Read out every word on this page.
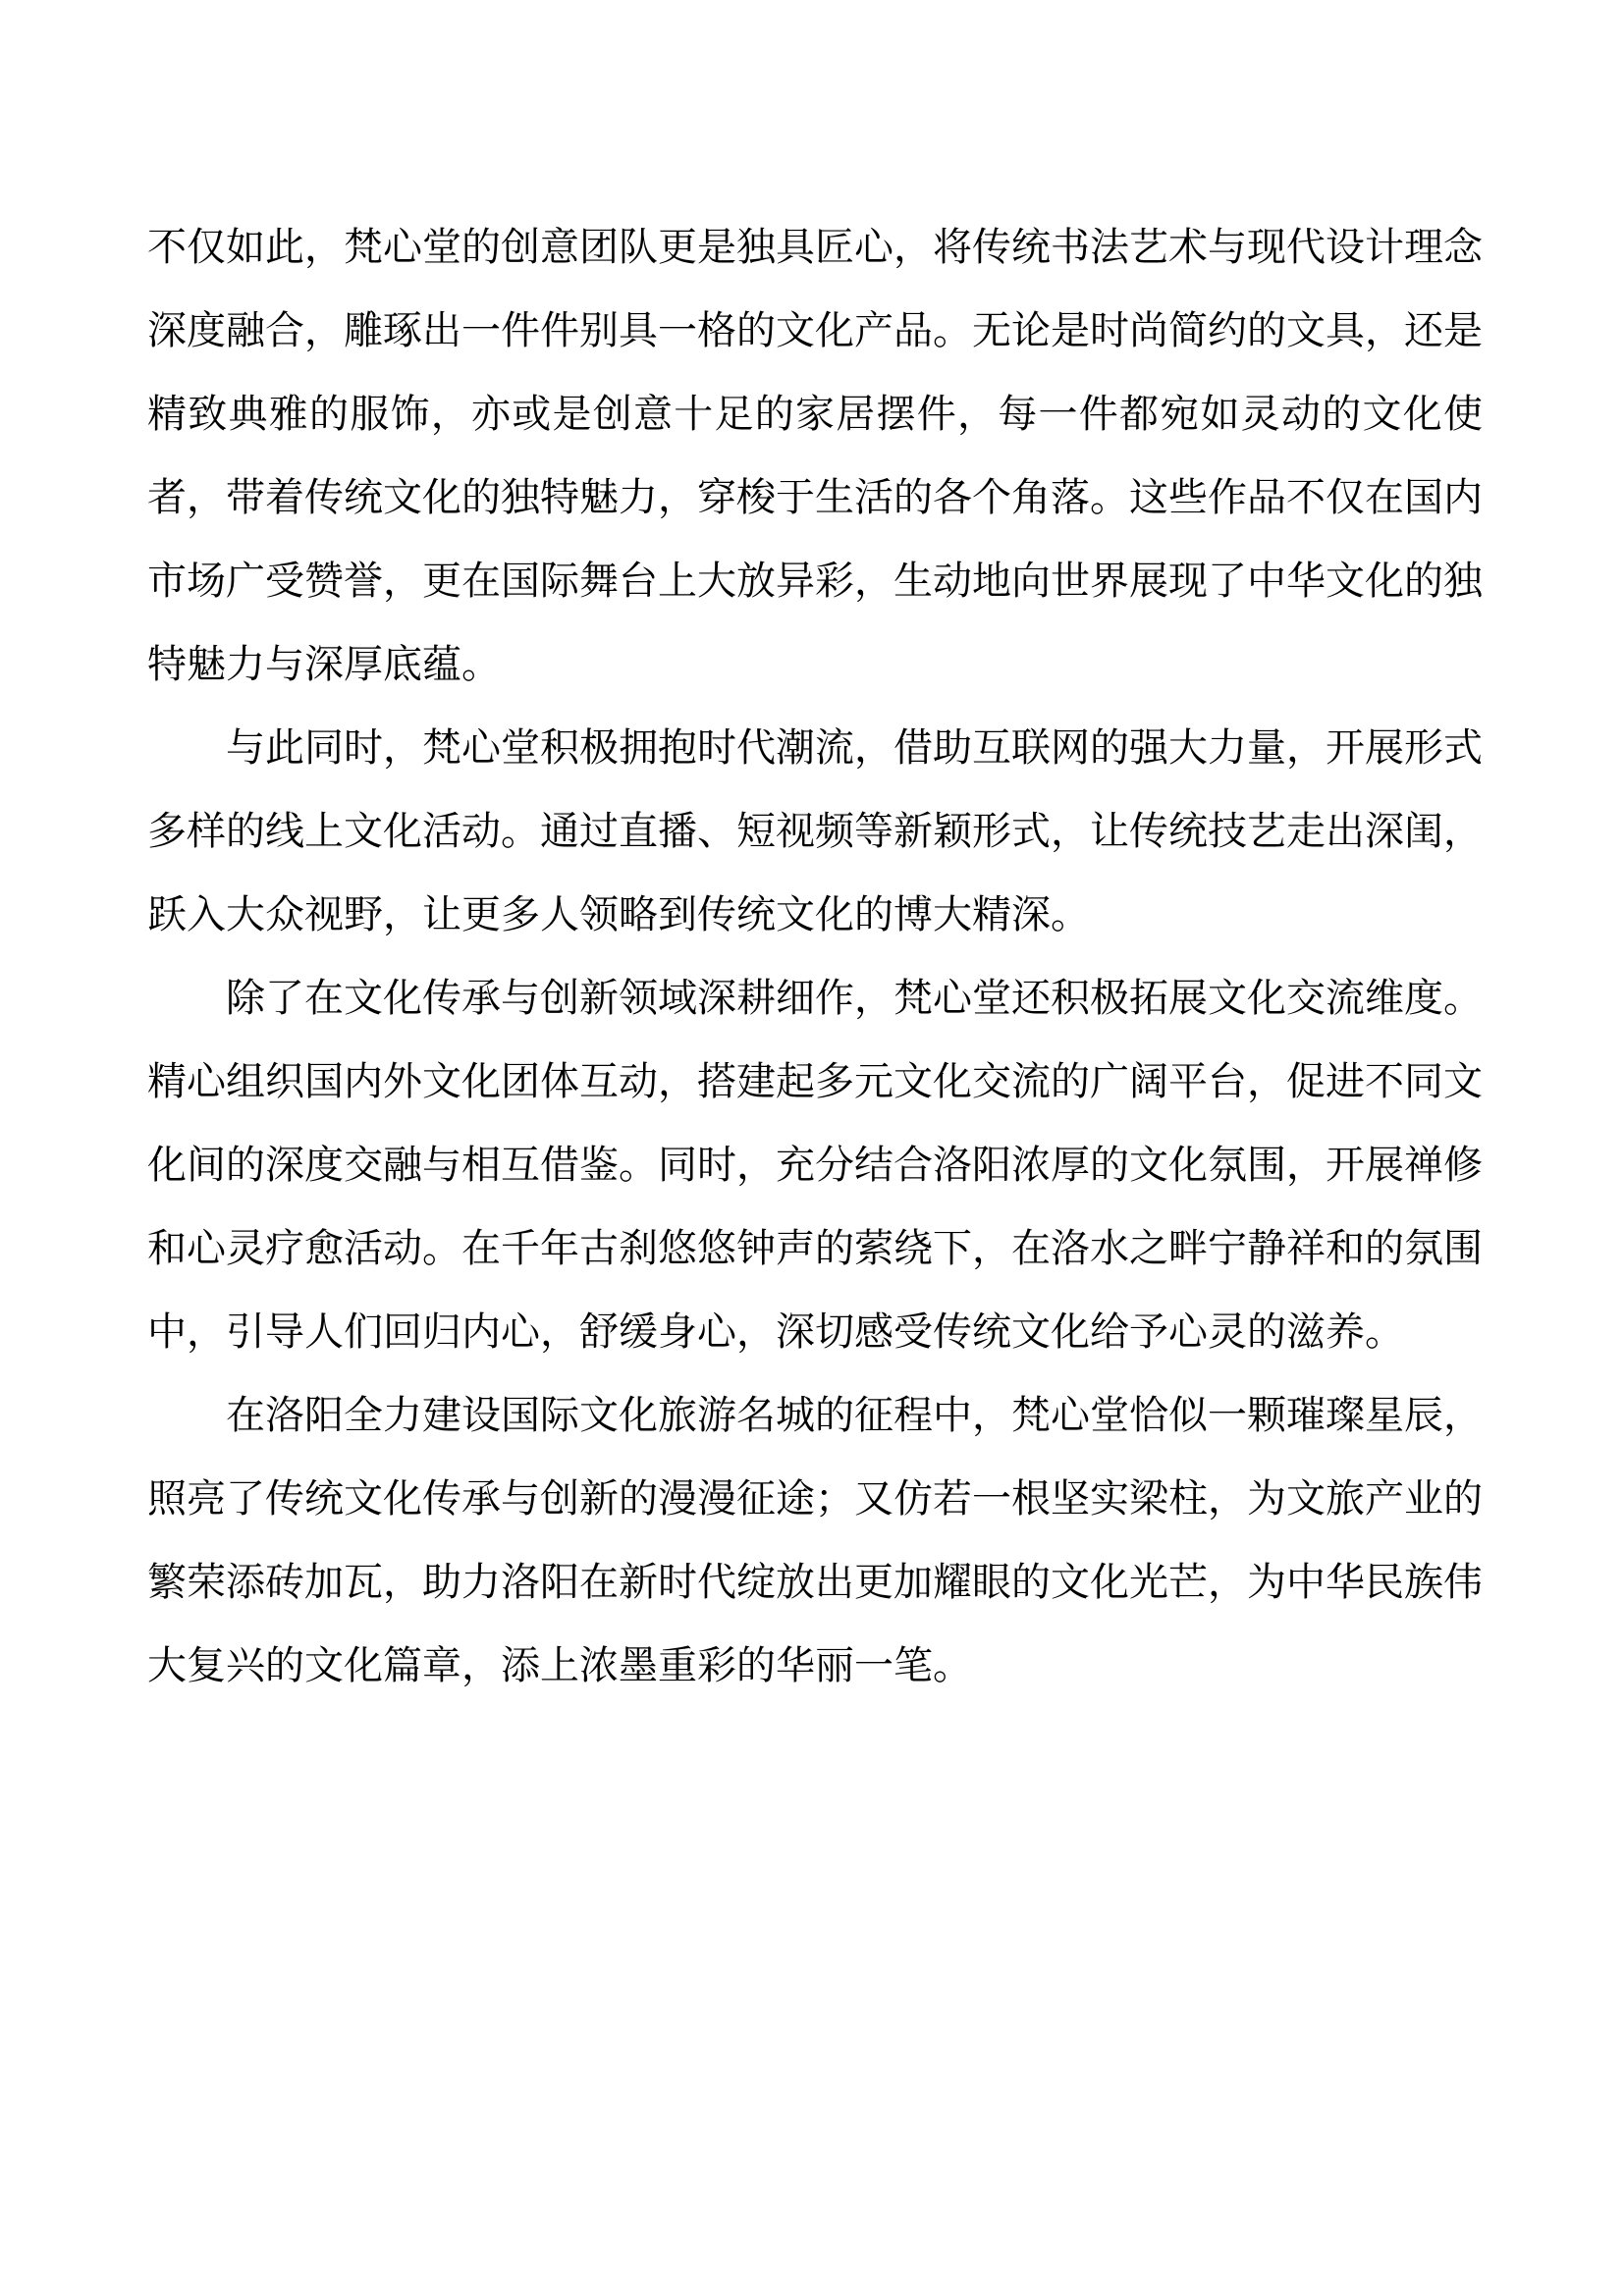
不仅如此，梵心堂的创意团队更是独具匠心，将传统书法艺术与现代设计理念深度融合，雕琢出一件件别具一格的文化产品。无论是时尚简约的文具，还是精致典雅的服饰，亦或是创意十足的家居摆件，每一件都宛如灵动的文化使者，带着传统文化的独特魅力，穿梭于生活的各个角落。这些作品不仅在国内市场广受赞誉，更在国际舞台上大放异彩，生动地向世界展现了中华文化的独特魅力与深厚底蕴。

与此同时，梵心堂积极拥抱时代潮流，借助互联网的强大力量，开展形式多样的线上文化活动。通过直播、短视频等新颖形式，让传统技艺走出深闺，跃入大众视野，让更多人领略到传统文化的博大精深。

除了在文化传承与创新领域深耕细作，梵心堂还积极拓展文化交流维度。精心组织国内外文化团体互动，搭建起多元文化交流的广阔平台，促进不同文化间的深度交融与相互借鉴。同时，充分结合洛阳浓厚的文化氛围，开展禅修和心灵疗愈活动。在千年古刹悠悠钟声的萦绕下，在洛水之畔宁静祥和的氛围中，引导人们回归内心，舒缓身心，深切感受传统文化给予心灵的滋养。

在洛阳全力建设国际文化旅游名城的征程中，梵心堂恰似一颗璀璨星辰，照亮了传统文化传承与创新的漫漫征途；又仿若一根坚实梁柱，为文旅产业的繁荣添砖加瓦，助力洛阳在新时代绽放出更加耀眼的文化光芒，为中华民族伟大复兴的文化篇章，添上浓墨重彩的华丽一笔。
